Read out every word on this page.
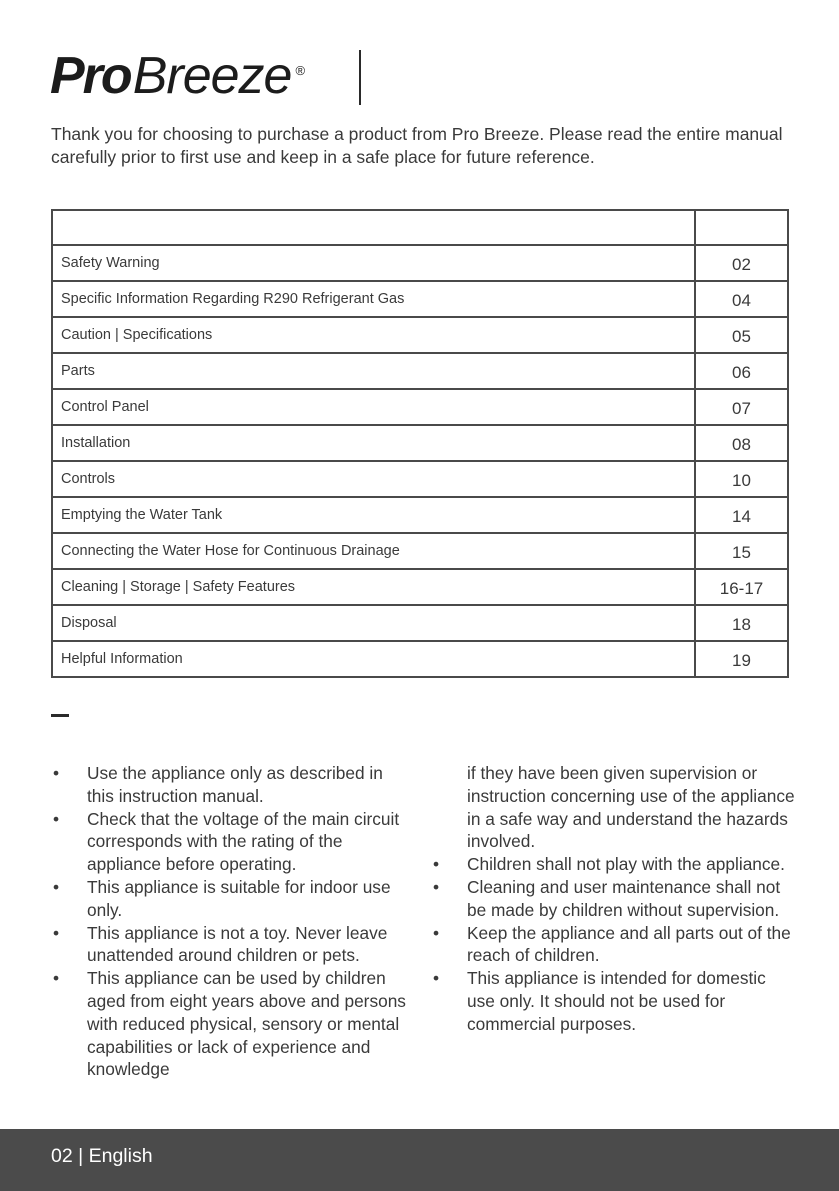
Pro Breeze ®

Thank you for choosing to purchase a product from Pro Breeze. Please read the entire manual carefully prior to first use and keep in a safe place for future reference.

Safety Warning	02
Specific Information Regarding R290 Refrigerant Gas	04
Caution | Specifications	05
Parts	06
Control Panel	07
Installation	08
Controls	10
Emptying the Water Tank	14
Connecting the Water Hose for Continuous Drainage	15
Cleaning | Storage | Safety Features	16-17
Disposal	18
Helpful Information	19
• Use the appliance only as described in this instruction manual.
• Check that the voltage of the main circuit corresponds with the rating of the appliance before operating.
• This appliance is suitable for indoor use only.
• This appliance is not a toy. Never leave unattended around children or pets.
• This appliance can be used by children aged from eight years above and persons with reduced physical, sensory or mental capabilities or lack of experience and knowledge
if they have been given supervision or instruction concerning use of the appliance in a safe way and understand the hazards involved.
• Children shall not play with the appliance.
• Cleaning and user maintenance shall not be made by children without supervision.
• Keep the appliance and all parts out of the reach of children.
• This appliance is intended for domestic use only. It should not be used for commercial purposes.
02 | English
